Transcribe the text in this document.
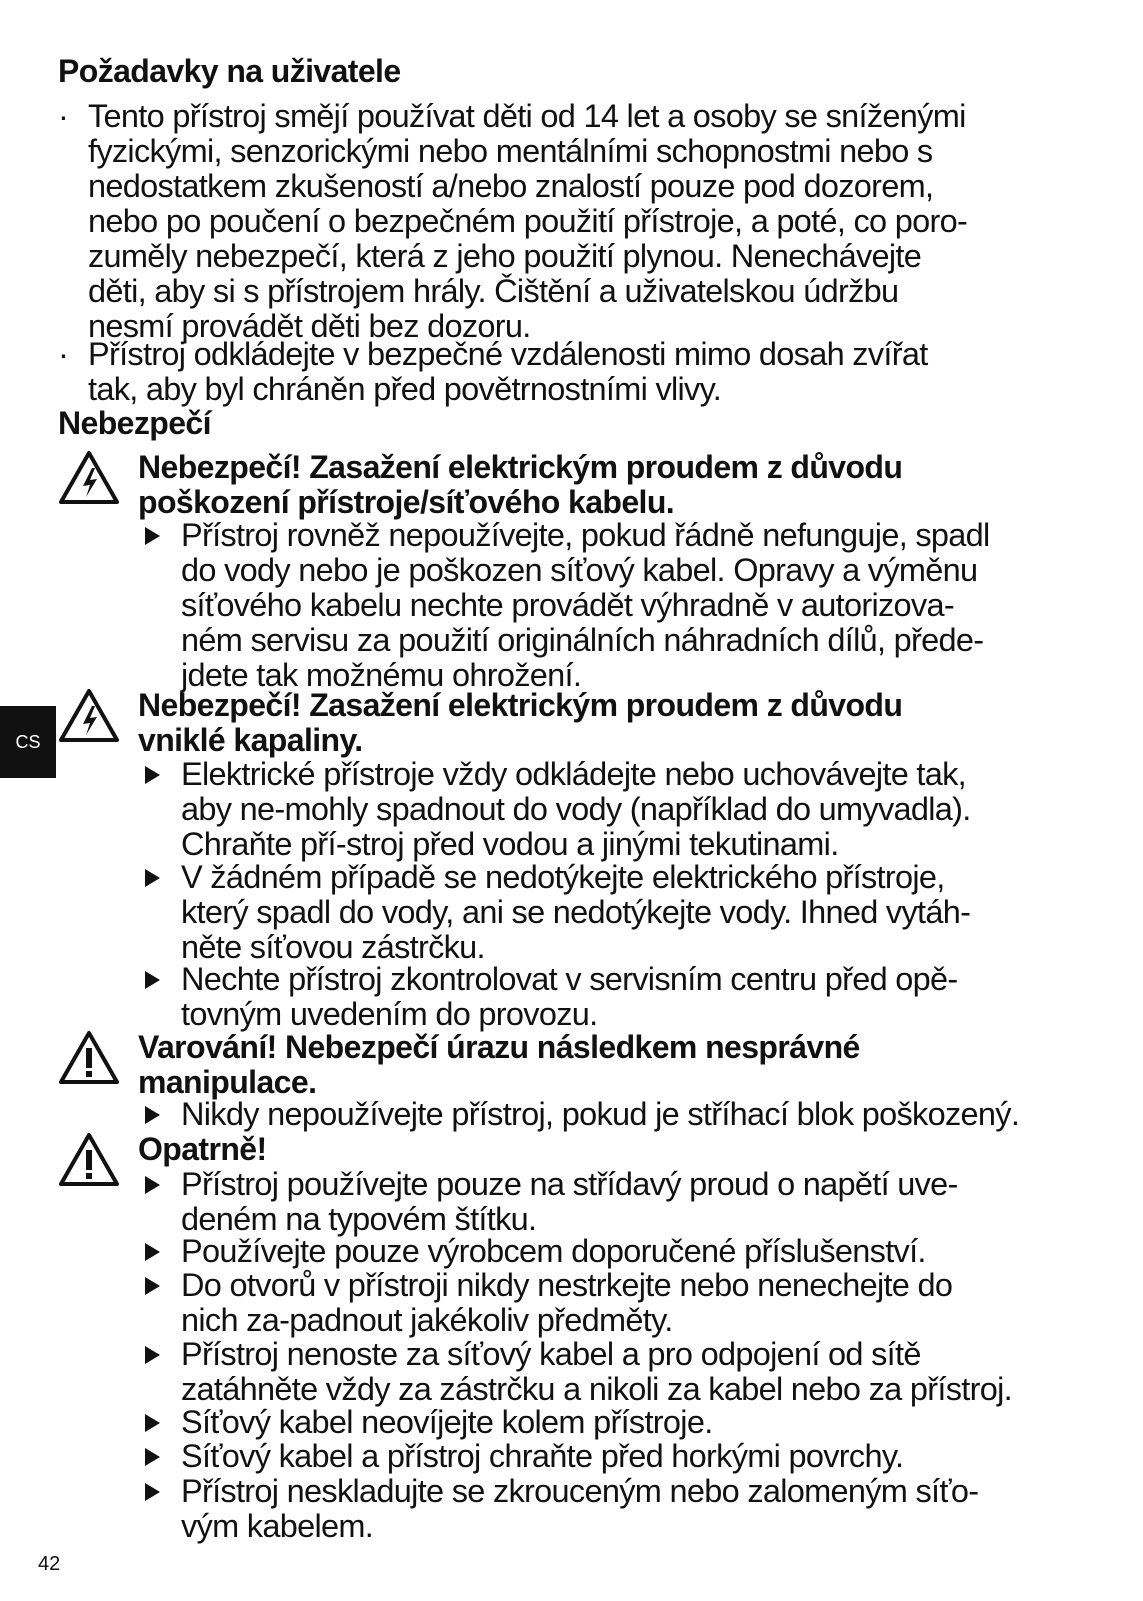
Požadavky na uživatele
· Tento přístroj smějí používat děti od 14 let a osoby se sníženými
fyzickými, senzorickými nebo mentálními schopnostmi nebo s
nedostatkem zkušeností a/nebo znalostí pouze pod dozorem,
nebo po poučení o bezpečném použití přístroje, a poté, co poro-
zuměly nebezpečí, která z jeho použití plynou. Nenechávejte
děti, aby si s přístrojem hrály. Čištění a uživatelskou údržbu
nesmí provádět děti bez dozoru.
· Přístroj odkládejte v bezpečné vzdálenosti mimo dosah zvířat
tak, aby byl chráněn před povětrnostními vlivy.
Nebezpečí
Nebezpečí! Zasažení elektrickým proudem z důvodu
poškození přístroje/síťového kabelu.
Přístroj rovněž nepoužívejte, pokud řádně nefunguje, spadl
do vody nebo je poškozen síťový kabel. Opravy a výměnu
síťového kabelu nechte provádět výhradně v autorizova-
ném servisu za použití originálních náhradních dílů, přede-
jdete tak možnému ohrožení.
Nebezpečí! Zasažení elektrickým proudem z důvodu
vniklé kapaliny.
Elektrické přístroje vždy odkládejte nebo uchovávejte tak,
aby ne-mohly spadnout do vody (například do umyvadla).
Chraňte pří-stroj před vodou a jinými tekutinami.
V žádném případě se nedotýkejte elektrického přístroje,
který spadl do vody, ani se nedotýkejte vody. Ihned vytáh-
něte síťovou zástrčku.
Nechte přístroj zkontrolovat v servisním centru před opě-
tovným uvedením do provozu.
Varování! Nebezpečí úrazu následkem nesprávné
manipulace.
Nikdy nepoužívejte přístroj, pokud je stříhací blok poškozený.
Opatrně!
Přístroj používejte pouze na střídavý proud o napětí uve-
deném na typovém štítku.
Používejte pouze výrobcem doporučené příslušenství.
Do otvorů v přístroji nikdy nestrkejte nebo nenechejte do
nich za-padnout jakékoliv předměty.
Přístroj nenoste za síťový kabel a pro odpojení od sítě
zatáhněte vždy za zástrčku a nikoli za kabel nebo za přístroj.
Síťový kabel neovíjejte kolem přístroje.
Síťový kabel a přístroj chraňte před horkými povrchy.
Přístroj neskladujte se zkrouceným nebo zalomeným síťo-
vým kabelem.
CS
42
